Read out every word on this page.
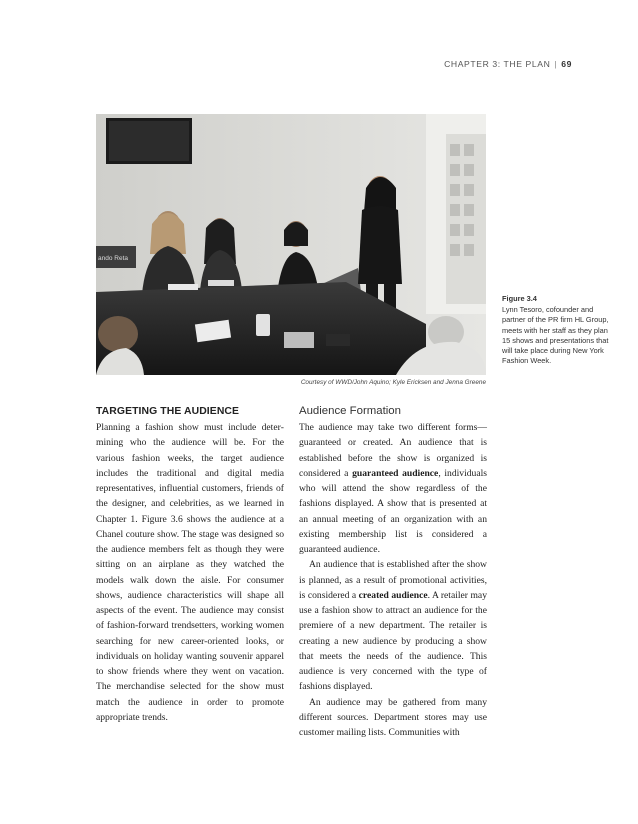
CHAPTER 3: THE PLAN | 69
ando Reta
Courtesy of WWD/John Aquino; Kyle Ericksen and Jenna Greene
Figure 3.4
Lynn Tesoro, cofounder and partner of the PR firm HL Group, meets with her staff as they plan 15 shows and presentations that will take place during New York Fashion Week.
TARGETING THE AUDIENCE

Planning a fashion show must include determining who the audience will be. For the various fashion weeks, the target audience includes the traditional and digital media representatives, influential customers, friends of the designer, and celebrities, as we learned in Chapter 1. Figure 3.6 shows the audience at a Chanel couture show. The stage was designed so the audience members felt as though they were sitting on an airplane as they watched the models walk down the aisle. For consumer shows, audience characteristics will shape all aspects of the event. The audience may consist of fashion-forward trendsetters, working women searching for new career-oriented looks, or individuals on holiday wanting souvenir apparel to show friends where they went on vacation. The merchandise selected for the show must match the audience in order to promote appropriate trends.

Audience Formation

The audience may take two different forms—guaranteed or created. An audience that is established before the show is organized is considered a guaranteed audience, individuals who will attend the show regardless of the fashions displayed. A show that is presented at an annual meeting of an organization with an existing membership list is considered a guaranteed audience.

An audience that is established after the show is planned, as a result of promotional activities, is considered a created audience. A retailer may use a fashion show to attract an audience for the premiere of a new department. The retailer is creating a new audience by producing a show that meets the needs of the audience. This audience is very concerned with the type of fashions displayed.

An audience may be gathered from many different sources. Department stores may use customer mailing lists. Communities with
